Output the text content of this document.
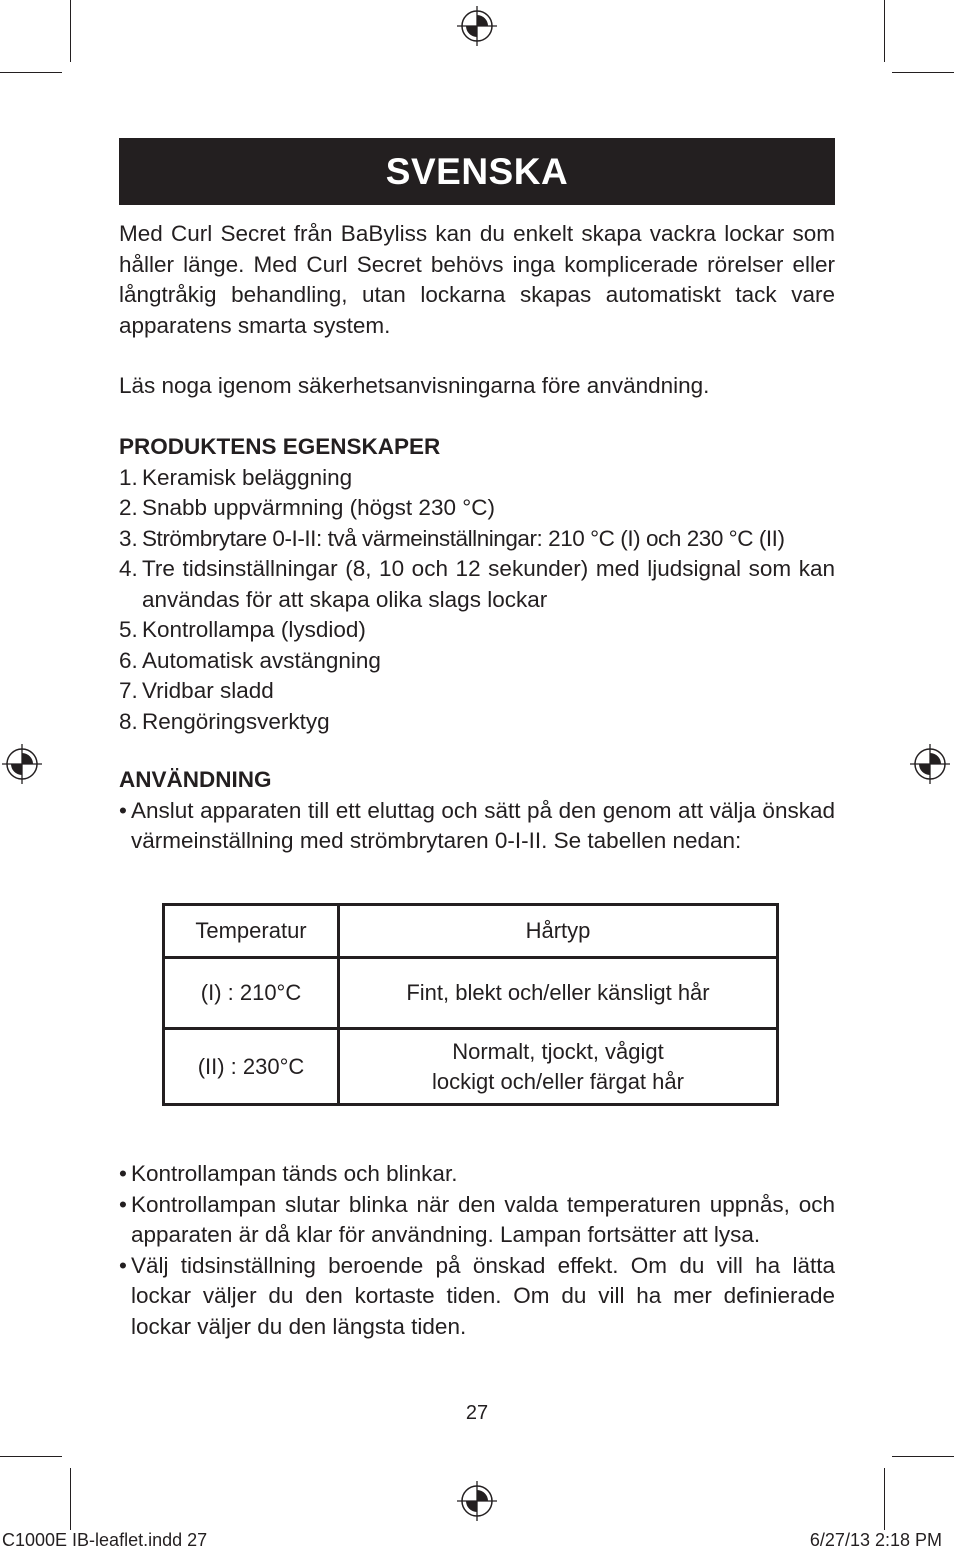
SVENSKA

Med Curl Secret från BaByliss kan du enkelt skapa vackra lockar som håller länge. Med Curl Secret behövs inga komplicerade rörelser eller långtråkig behandling, utan lockarna skapas automatiskt tack vare apparatens smarta system.

Läs noga igenom säkerhetsanvisningarna före användning.

PRODUKTENS EGENSKAPER

1. Keramisk beläggning
2. Snabb uppvärmning (högst 230 °C)
3. Strömbrytare 0-I-II: två värmeinställningar: 210 °C (I) och 230 °C (II)
4. Tre tidsinställningar (8, 10 och 12 sekunder) med ljudsignal som kan användas för att skapa olika slags lockar
5. Kontrollampa (lysdiod)
6. Automatisk avstängning
7. Vridbar sladd
8. Rengöringsverktyg

ANVÄNDNING

• Anslut apparaten till ett eluttag och sätt på den genom att välja önskad värmeinställning med strömbrytaren 0-I-II. Se tabellen nedan:
Temperatur	Hårtyp
(I) : 210°C	Fint, blekt och/eller känsligt hår
(II) : 230°C	Normalt, tjockt, vågigt
lockigt och/eller färgat hår
• Kontrollampan tänds och blinkar.
• Kontrollampan slutar blinka när den valda temperaturen uppnås, och apparaten är då klar för användning. Lampan fortsätter att lysa.
• Välj tidsinställning beroende på önskad effekt. Om du vill ha lätta lockar väljer du den kortaste tiden. Om du vill ha mer definierade lockar väljer du den längsta tiden.
27
C1000E IB-leaflet.indd 27	6/27/13 2:18 PM
